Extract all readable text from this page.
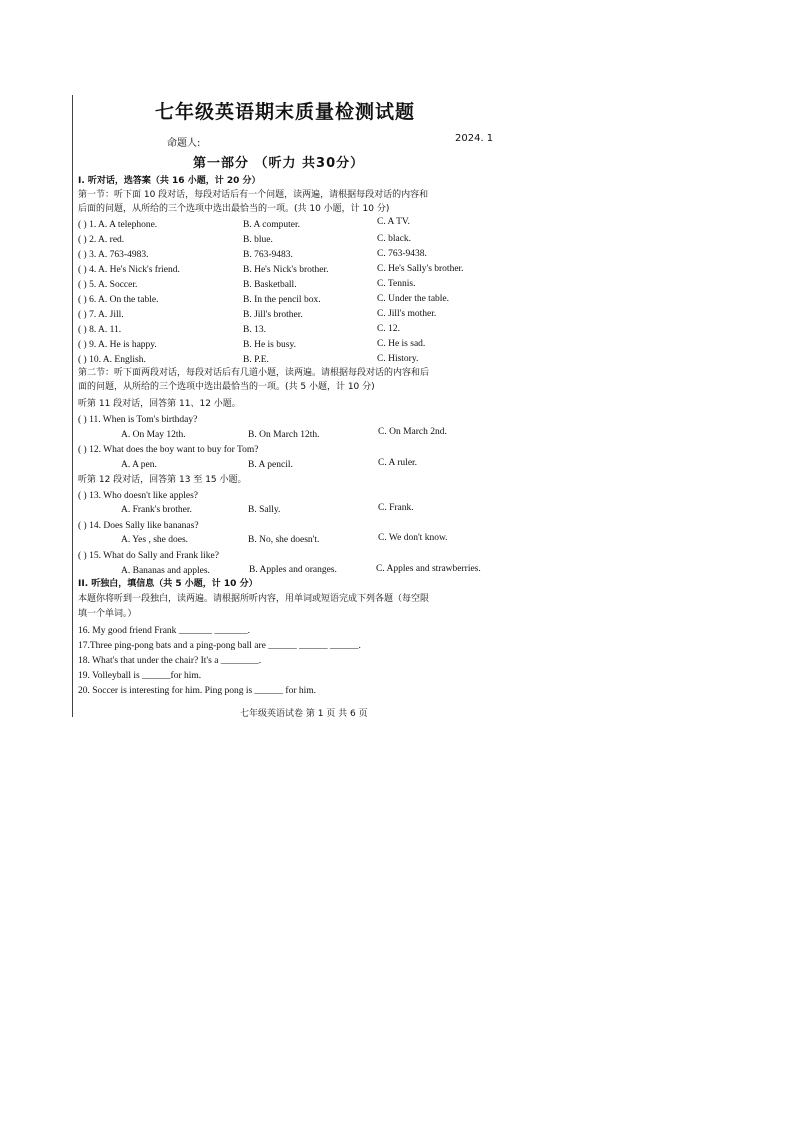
七年级英语期末质量检测试题
命题人:	2024. 1
第一部分 （听力 共30分）
I. 听对话，选答案（共 16 小题，计 20 分）
第一节：听下面 10 段对话，每段对话后有一个问题，读两遍，请根据每段对话的内容和
后面的问题，从所给的三个选项中选出最恰当的一项。(共 10 小题，计 10 分)
( ) 1. A. A telephone.	B. A computer.	C. A TV.
( ) 2. A. red.	B. blue.	C. black.
( ) 3. A. 763-4983.	B. 763-9483.	C. 763-9438.
( ) 4. A. He's Nick's friend.	B. He's Nick's brother.	C. He's Sally's brother.
( ) 5. A. Soccer.	B. Basketball.	C. Tennis.
( ) 6. A. On the table.	B. In the pencil box.	C. Under the table.
( ) 7. A. Jill.	B. Jill's brother.	C. Jill's mother.
( ) 8. A. 11.	B. 13.	C. 12.
( ) 9. A. He is happy.	B. He is busy.	C. He is sad.
( ) 10. A. English.	B. P.E.	C. History.
第二节：听下面两段对话，每段对话后有几道小题，读两遍。请根据每段对话的内容和后
面的问题，从所给的三个选项中选出最恰当的一项。(共 5 小题，计 10 分)
听第 11 段对话，回答第 11、12 小题。
( ) 11. When is Tom's birthday?
A. On May 12th.	B. On March 12th.	C. On March 2nd.
( ) 12. What does the boy want to buy for Tom?
A. A pen.	B. A pencil.	C. A ruler.
听第 12 段对话，回答第 13 至 15 小题。
( ) 13. Who doesn't like apples?
A. Frank's brother.	B. Sally.	C. Frank.
( ) 14. Does Sally like bananas?
A. Yes , she does.	B. No, she doesn't.	C. We don't know.
( ) 15. What do Sally and Frank like?
A. Bananas and apples.	B. Apples and oranges.	C. Apples and strawberries.
II. 听独白，填信息（共 5 小题，计 10 分）
本题你将听到一段独白，读两遍。请根据所听内容，用单词或短语完成下列各题（每空限
填一个单词。）
16. My good friend Frank _______ _______.
17.Three ping-pong bats and a ping-pong ball are ______ ______ ______.
18. What's that under the chair? It's a ________.
19. Volleyball is ______for him.
20. Soccer is interesting for him. Ping pong is ______ for him.
七年级英语试卷 第 1 页 共 6 页
